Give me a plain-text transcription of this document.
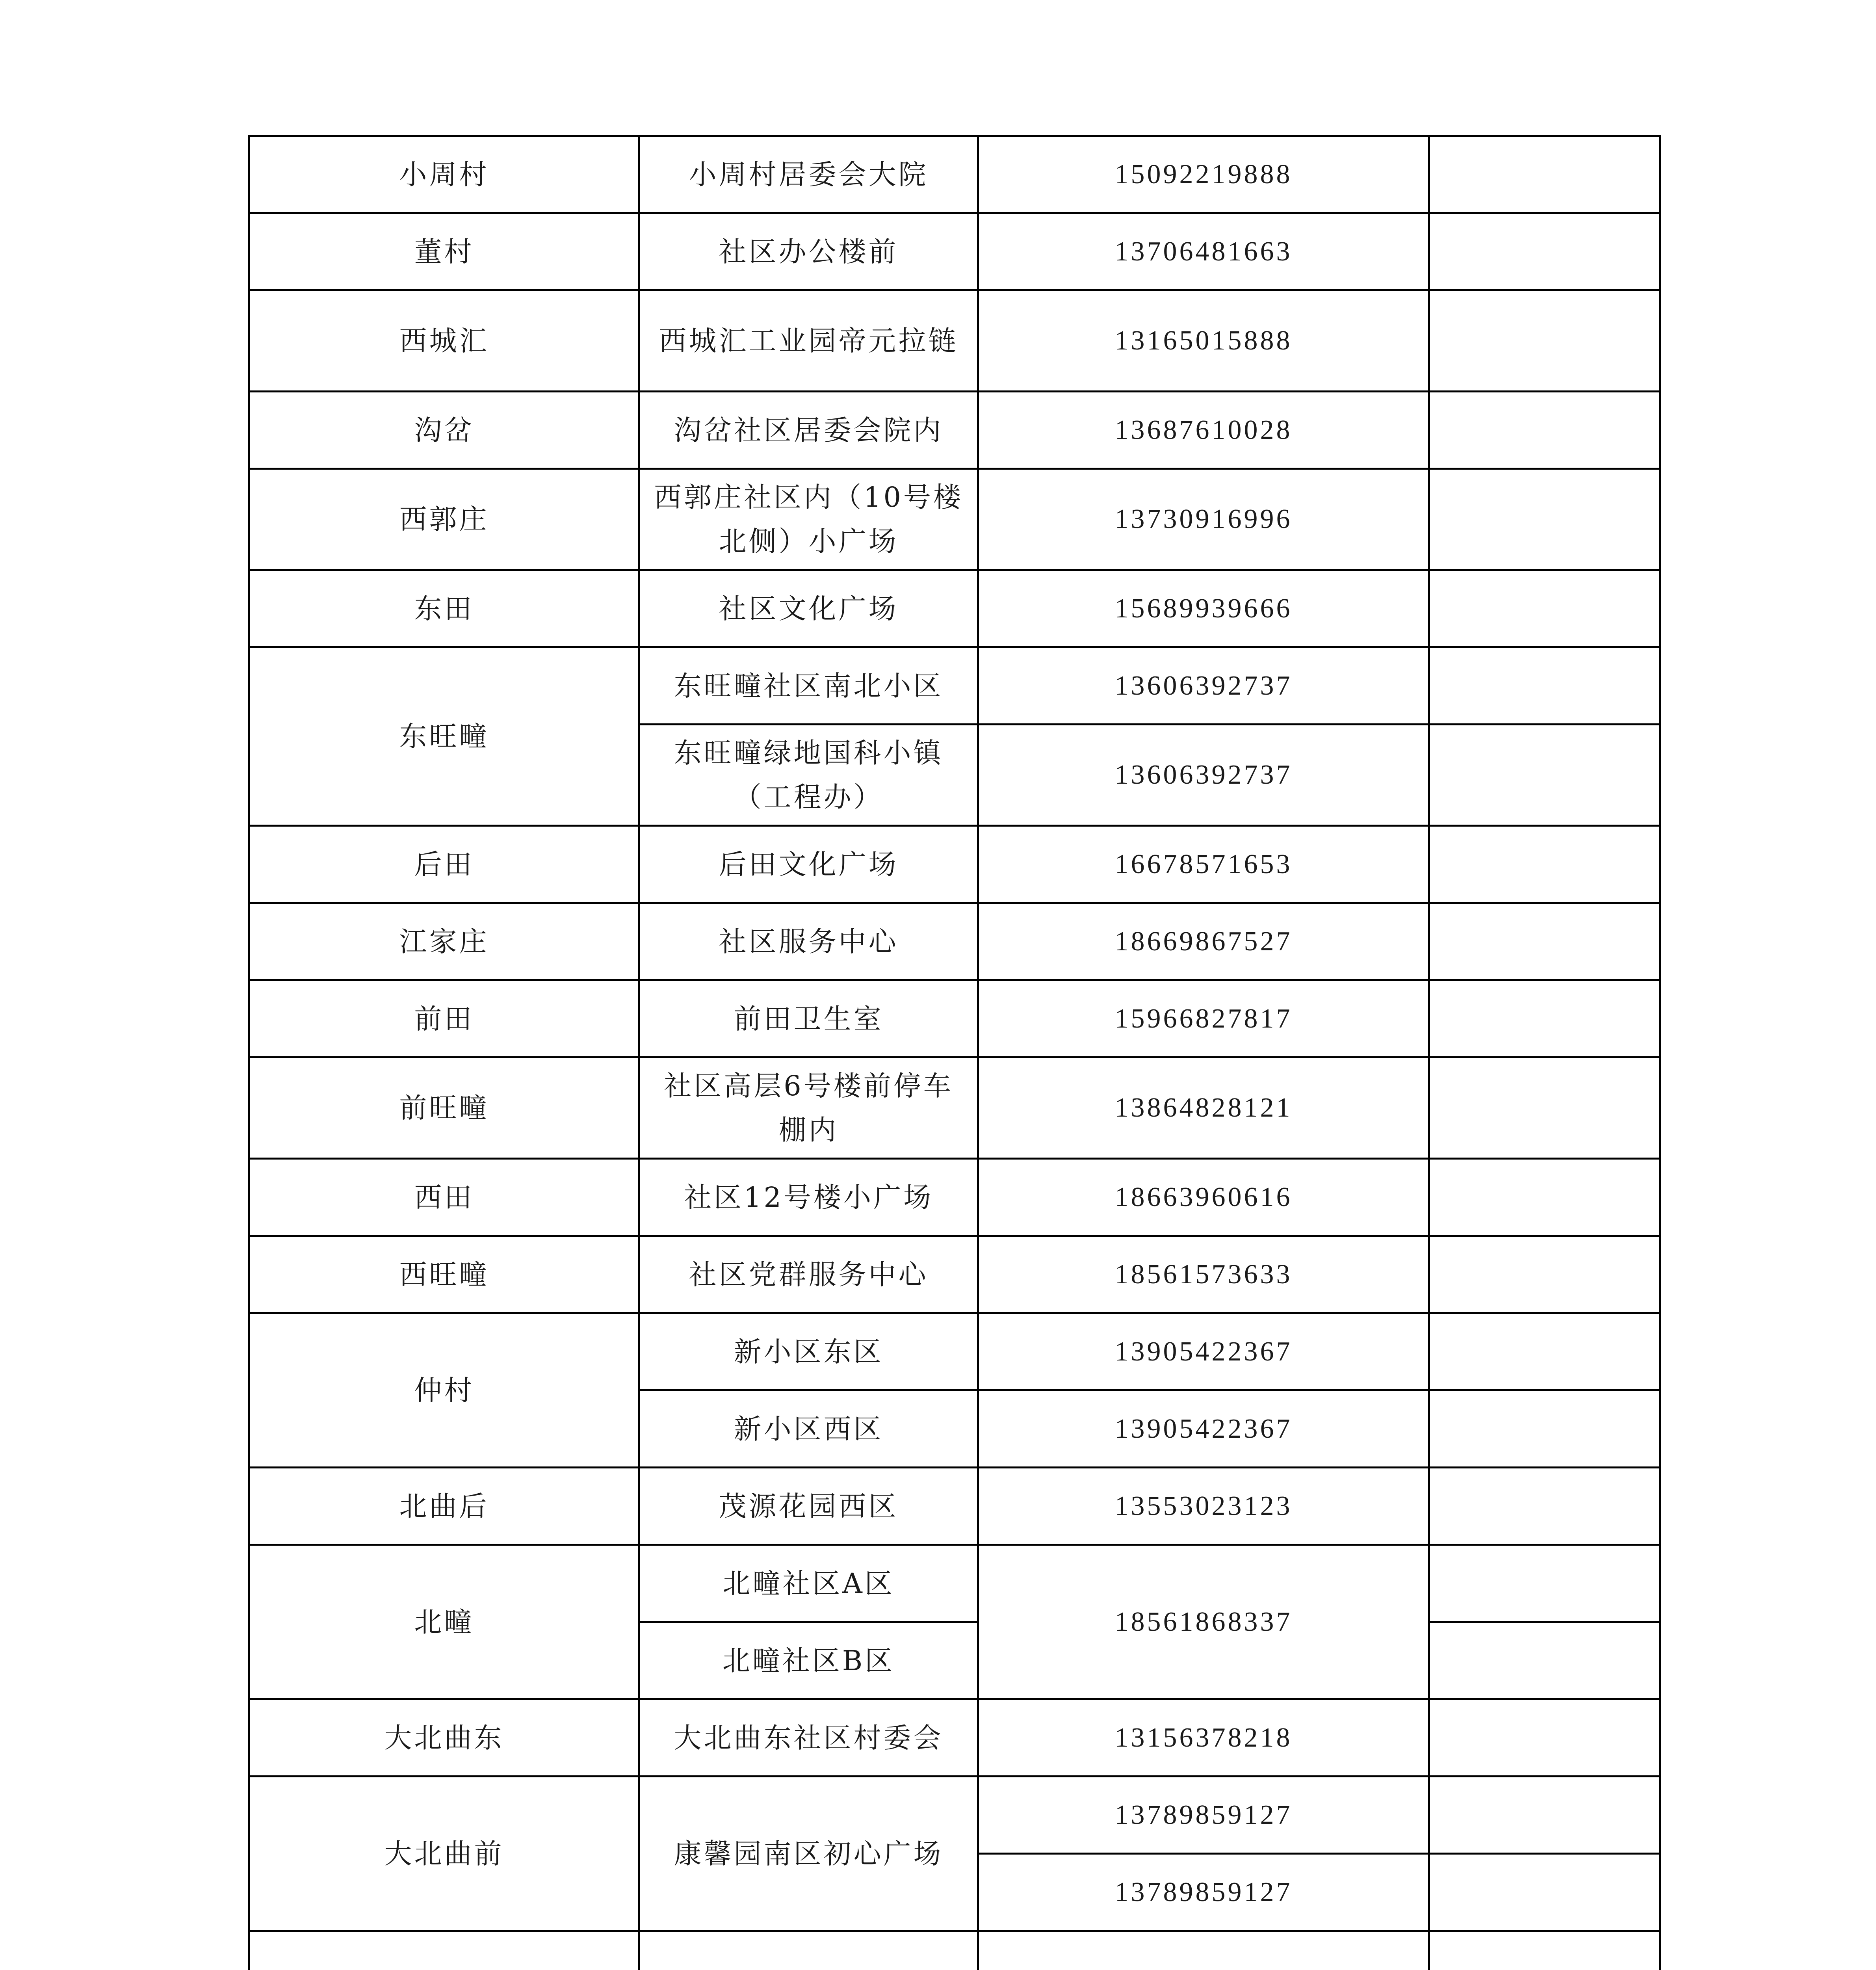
小周村	小周村居委会大院	15092219888	
董村	社区办公楼前	13706481663	
西城汇	西城汇工业园帝元拉链	13165015888	
沟岔	沟岔社区居委会院内	13687610028	
西郭庄	西郭庄社区内（10号楼北侧）小广场	13730916996	
东田	社区文化广场	15689939666	
东旺疃	东旺疃社区南北小区	13606392737	
	东旺疃绿地国科小镇（工程办）	13606392737	
后田	后田文化广场	16678571653	
江家庄	社区服务中心	18669867527	
前田	前田卫生室	15966827817	
前旺疃	社区高层6号楼前停车棚内	13864828121	
西田	社区12号楼小广场	18663960616	
西旺疃	社区党群服务中心	18561573633	
仲村	新小区东区	13905422367	
	新小区西区	13905422367	
北曲后	茂源花园西区	13553023123	
北疃	北疃社区A区	18561868337	
	北疃社区B区		
大北曲东	大北曲东社区村委会	13156378218	
大北曲前	康馨园南区初心广场	13789859127	
		13789859127	
